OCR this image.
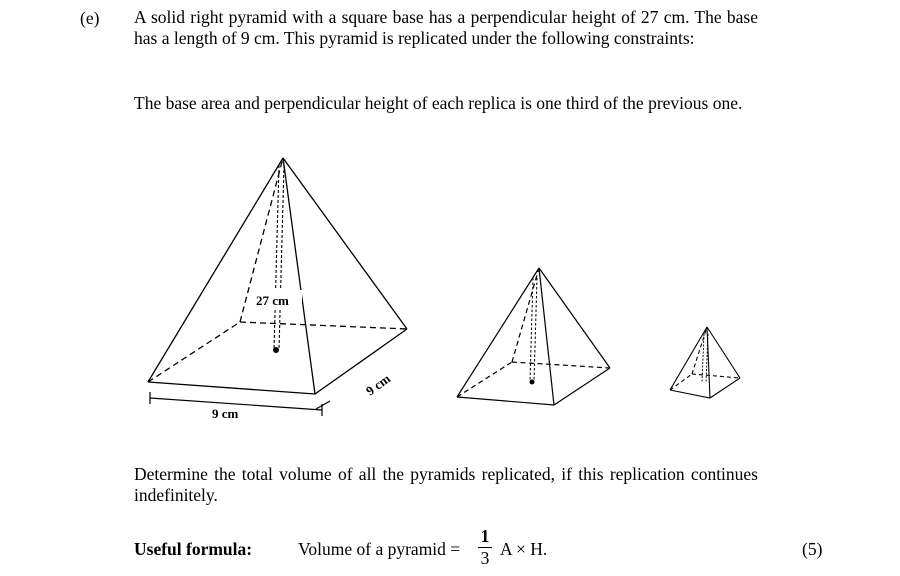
(e) A solid right pyramid with a square base has a perpendicular height of 27 cm. The base has a length of 9 cm. This pyramid is replicated under the following constraints:
The base area and perpendicular height of each replica is one third of the previous one.
27 cm
9 cm
9 cm
Determine the total volume of all the pyramids replicated, if this replication continues indefinitely.
Useful formula:	Volume of a pyramid =
1
3 A × H.	(5)
